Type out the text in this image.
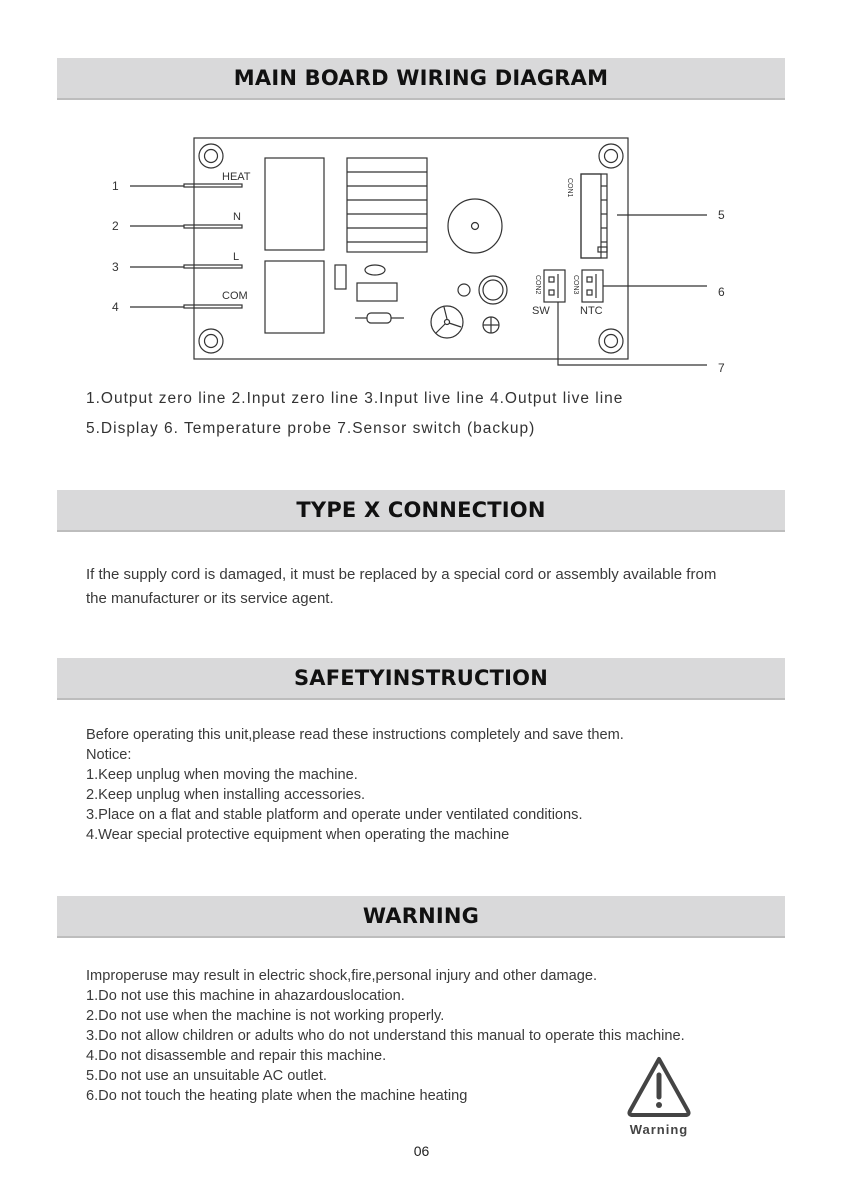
MAIN BOARD WIRING DIAGRAM
1
2
3
4
5
6
7
HEAT
N
L
COM
SW	NTC
CON1
CON2	CON3

1.Output zero line 2.Input zero line 3.Input live line 4.Output live line

5.Display 6. Temperature probe 7.Sensor switch (backup)

TYPE X CONNECTION

If the supply cord is damaged, it must be replaced by a special cord or assembly available from the manufacturer or its service agent.

SAFETYINSTRUCTION
Before operating this unit,please read these instructions completely and save them.
Notice:
1.Keep unplug when moving the machine.
2.Keep unplug when installing accessories.
3.Place on a flat and stable platform and operate under ventilated conditions.
4.Wear special protective equipment when operating the machine
WARNING
Improperuse may result in electric shock,fire,personal injury and other damage.
1.Do not use this machine in ahazardouslocation.
2.Do not use when the machine is not working properly.
3.Do not allow children or adults who do not understand this manual to operate this machine.
4.Do not disassemble and repair this machine.
5.Do not use an unsuitable AC outlet.
6.Do not touch the heating plate when the machine heating
Warning
06
